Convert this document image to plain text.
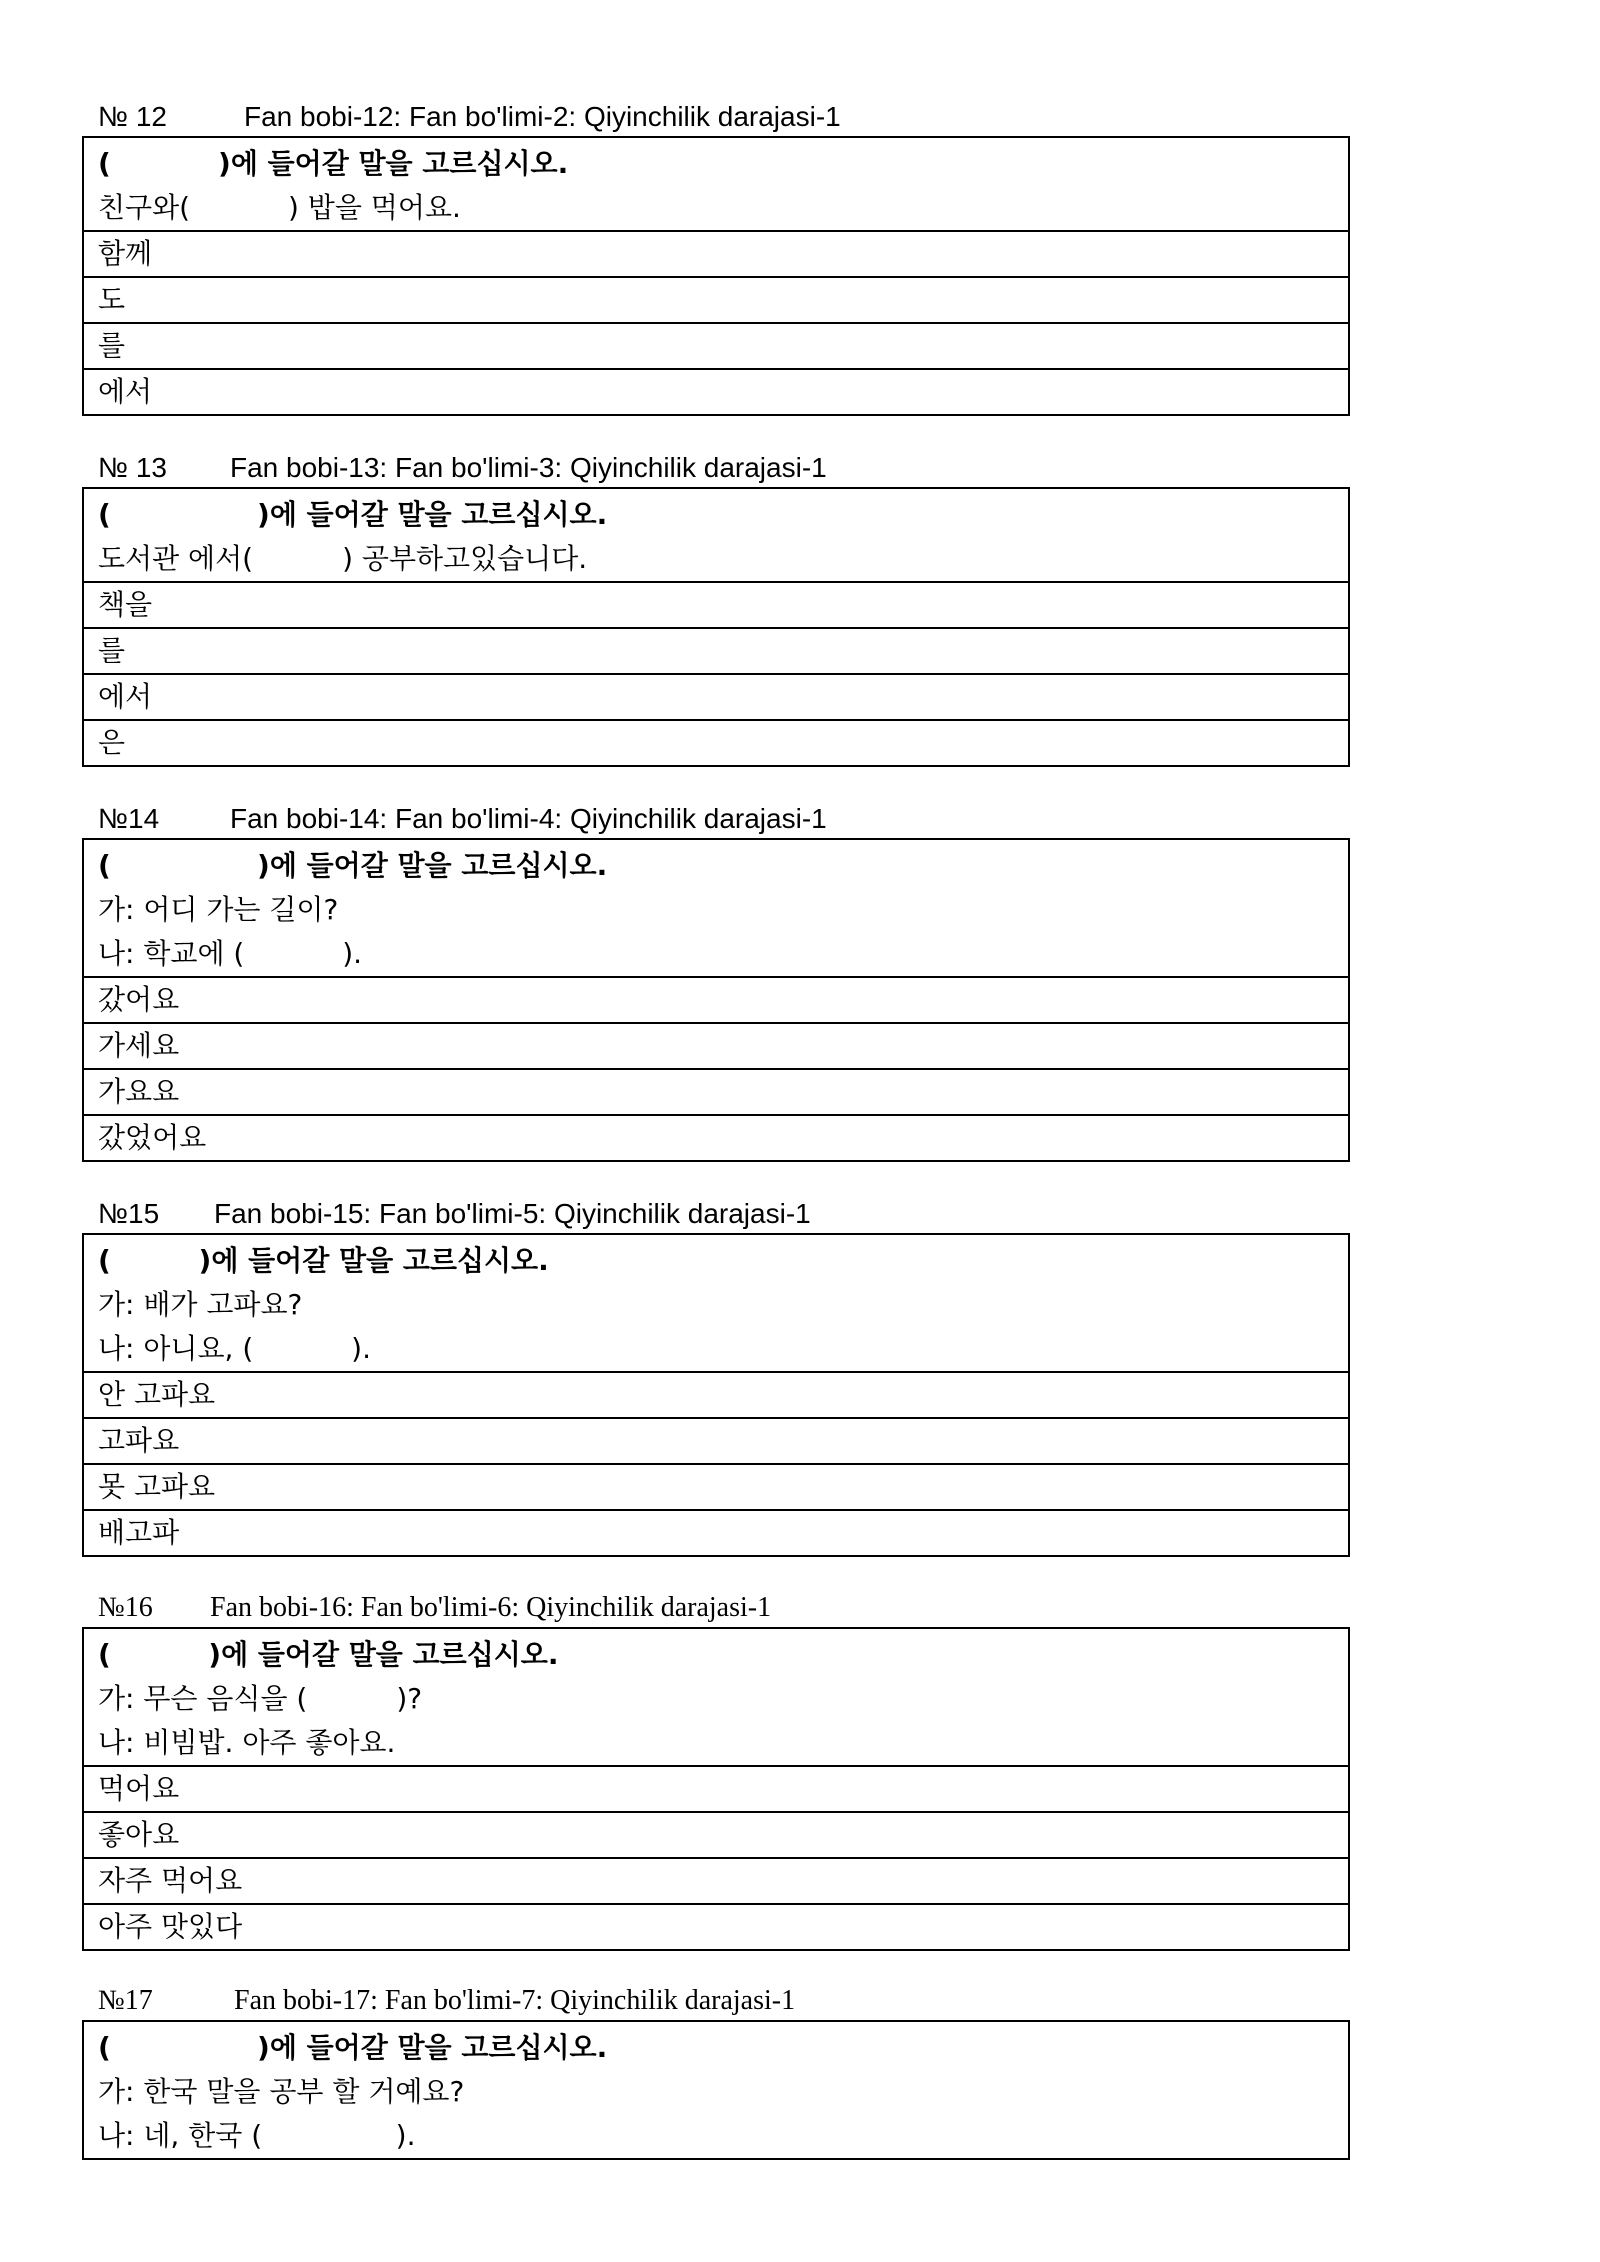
№ 12	Fan bobi-12: Fan bo'limi-2: Qiyinchilik darajasi-1
(           )에 들어갈 말을 고르십시오.
친구와(           ) 밥을 먹어요.
함께
도
를
에서
№ 13 Fan bobi-13: Fan bo'limi-3: Qiyinchilik darajasi-1
(               )에 들어갈 말을 고르십시오.
도서관 에서(          ) 공부하고있습니다.
책을
를
에서
은
№14	Fan bobi-14: Fan bo'limi-4: Qiyinchilik darajasi-1
(               )에 들어갈 말을 고르십시오.
가: 어디 가는 길이?
나: 학교에 (           ).
갔어요
가세요
가요요
갔었어요
№15 Fan bobi-15: Fan bo'limi-5: Qiyinchilik darajasi-1
(         )에 들어갈 말을 고르십시오.
가: 배가 고파요?
나: 아니요, (           ).
안 고파요
고파요
못 고파요
배고파
№16 Fan bobi-16: Fan bo'limi-6: Qiyinchilik darajasi-1
(          )에 들어갈 말을 고르십시오.
가: 무슨 음식을 (          )?
나: 비빔밥. 아주 좋아요.
먹어요
좋아요
자주 먹어요
아주 맛있다
№17	Fan bobi-17: Fan bo'limi-7: Qiyinchilik darajasi-1
(               )에 들어갈 말을 고르십시오.
가: 한국 말을 공부 할 거예요?
나: 네, 한국 (               ).
